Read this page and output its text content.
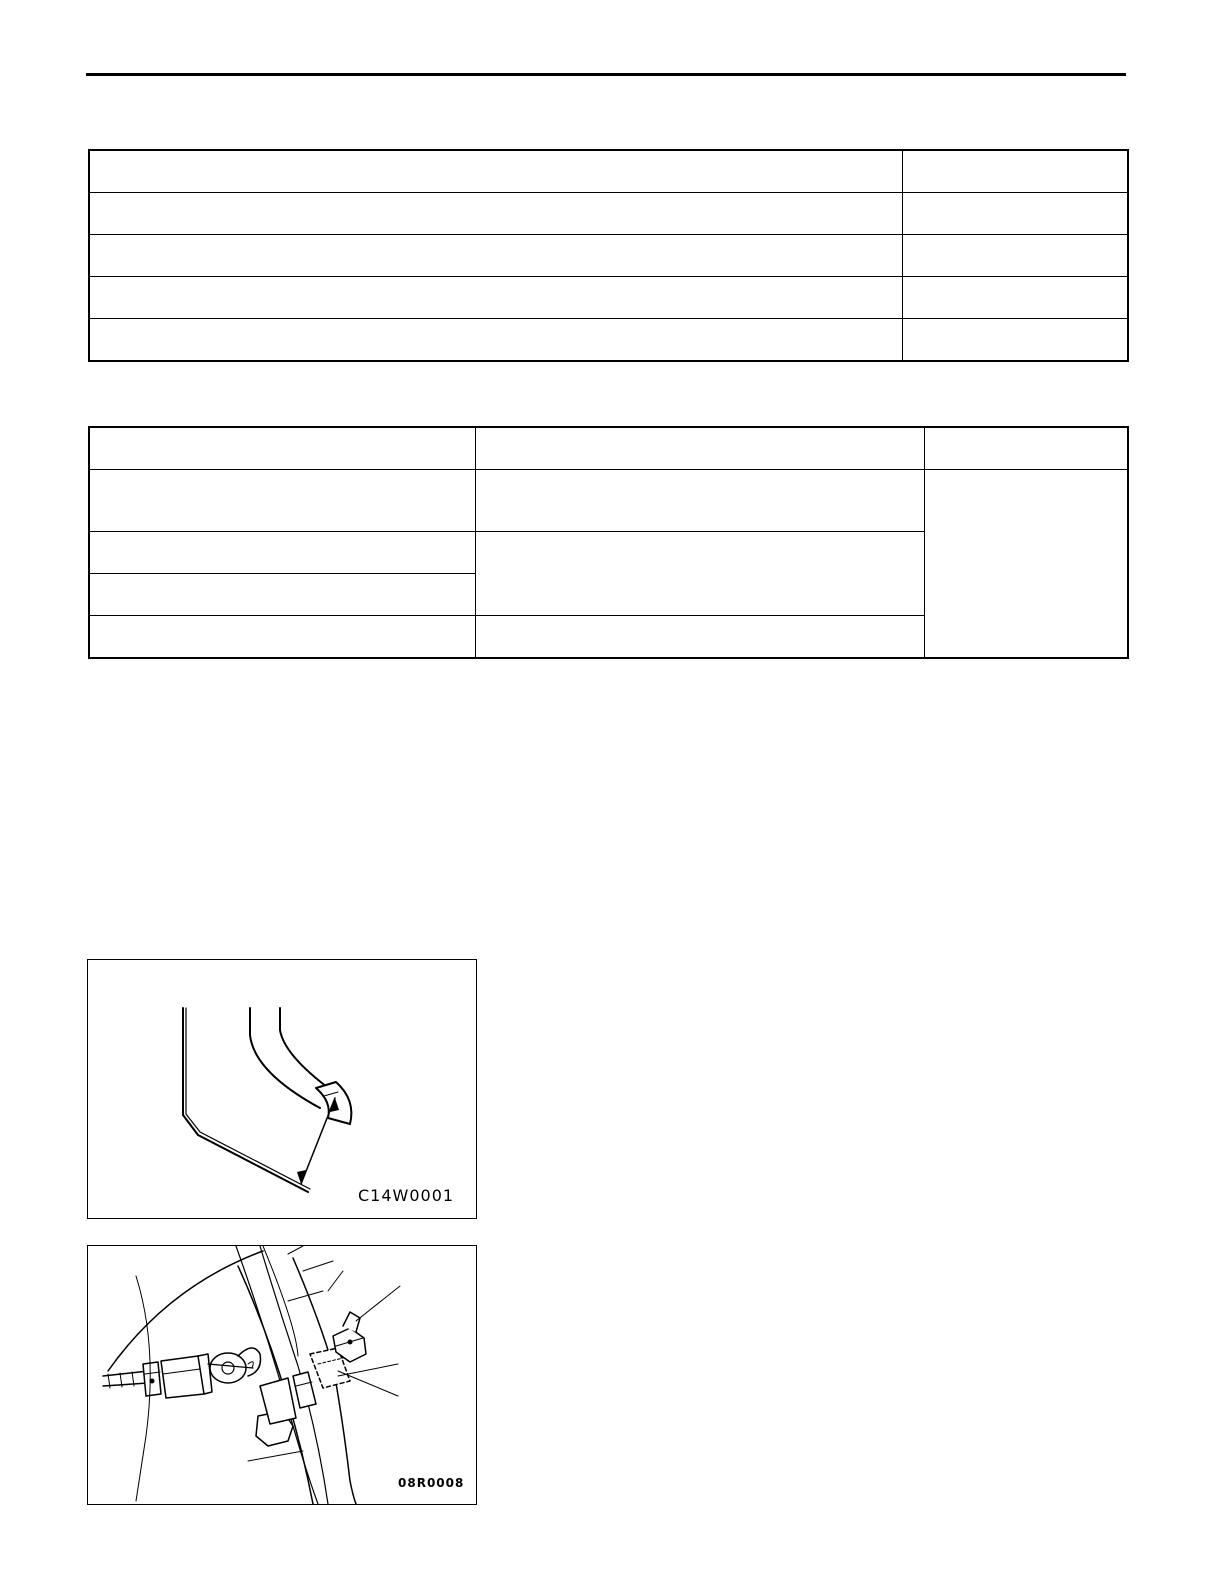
C14W0001
08R0008
